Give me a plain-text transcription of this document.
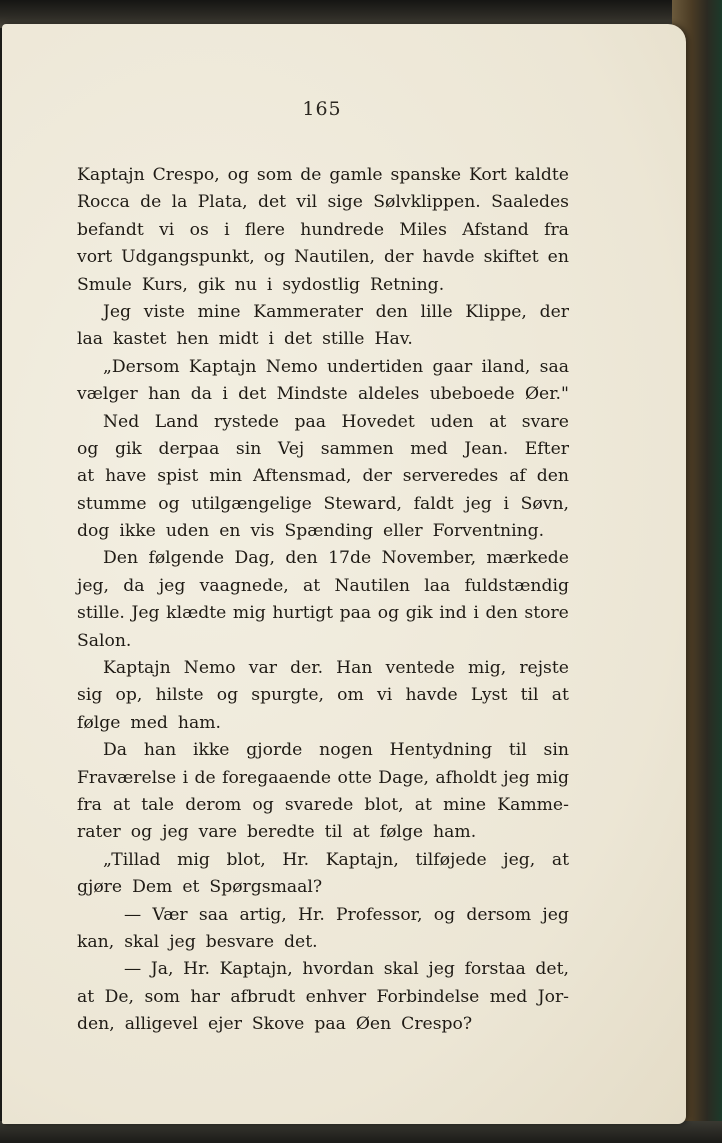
165
Kaptajn Crespo, og som de gamle spanske Kort kaldte
Rocca de la Plata, det vil sige Sølvklippen. Saaledes
befandt vi os i flere hundrede Miles Afstand fra
vort Udgangspunkt, og Nautilen, der havde skiftet en
Smule Kurs, gik nu i sydostlig Retning.
Jeg viste mine Kammerater den lille Klippe, der
laa kastet hen midt i det stille Hav.
„Dersom Kaptajn Nemo undertiden gaar iland, saa
vælger han da i det Mindste aldeles ubeboede Øer."
Ned Land rystede paa Hovedet uden at svare
og gik derpaa sin Vej sammen med Jean. Efter
at have spist min Aftensmad, der serveredes af den
stumme og utilgængelige Steward, faldt jeg i Søvn,
dog ikke uden en vis Spænding eller Forventning.
Den følgende Dag, den 17de November, mærkede
jeg, da jeg vaagnede, at Nautilen laa fuldstændig
stille. Jeg klædte mig hurtigt paa og gik ind i den store
Salon.
Kaptajn Nemo var der. Han ventede mig, rejste
sig op, hilste og spurgte, om vi havde Lyst til at
følge med ham.
Da han ikke gjorde nogen Hentydning til sin
Fraværelse i de foregaaende otte Dage, afholdt jeg mig
fra at tale derom og svarede blot, at mine Kamme-
rater og jeg vare beredte til at følge ham.
„Tillad mig blot, Hr. Kaptajn, tilføjede jeg, at
gjøre Dem et Spørgsmaal?
— Vær saa artig, Hr. Professor, og dersom jeg
kan, skal jeg besvare det.
— Ja, Hr. Kaptajn, hvordan skal jeg forstaa det,
at De, som har afbrudt enhver Forbindelse med Jor-
den, alligevel ejer Skove paa Øen Crespo?
